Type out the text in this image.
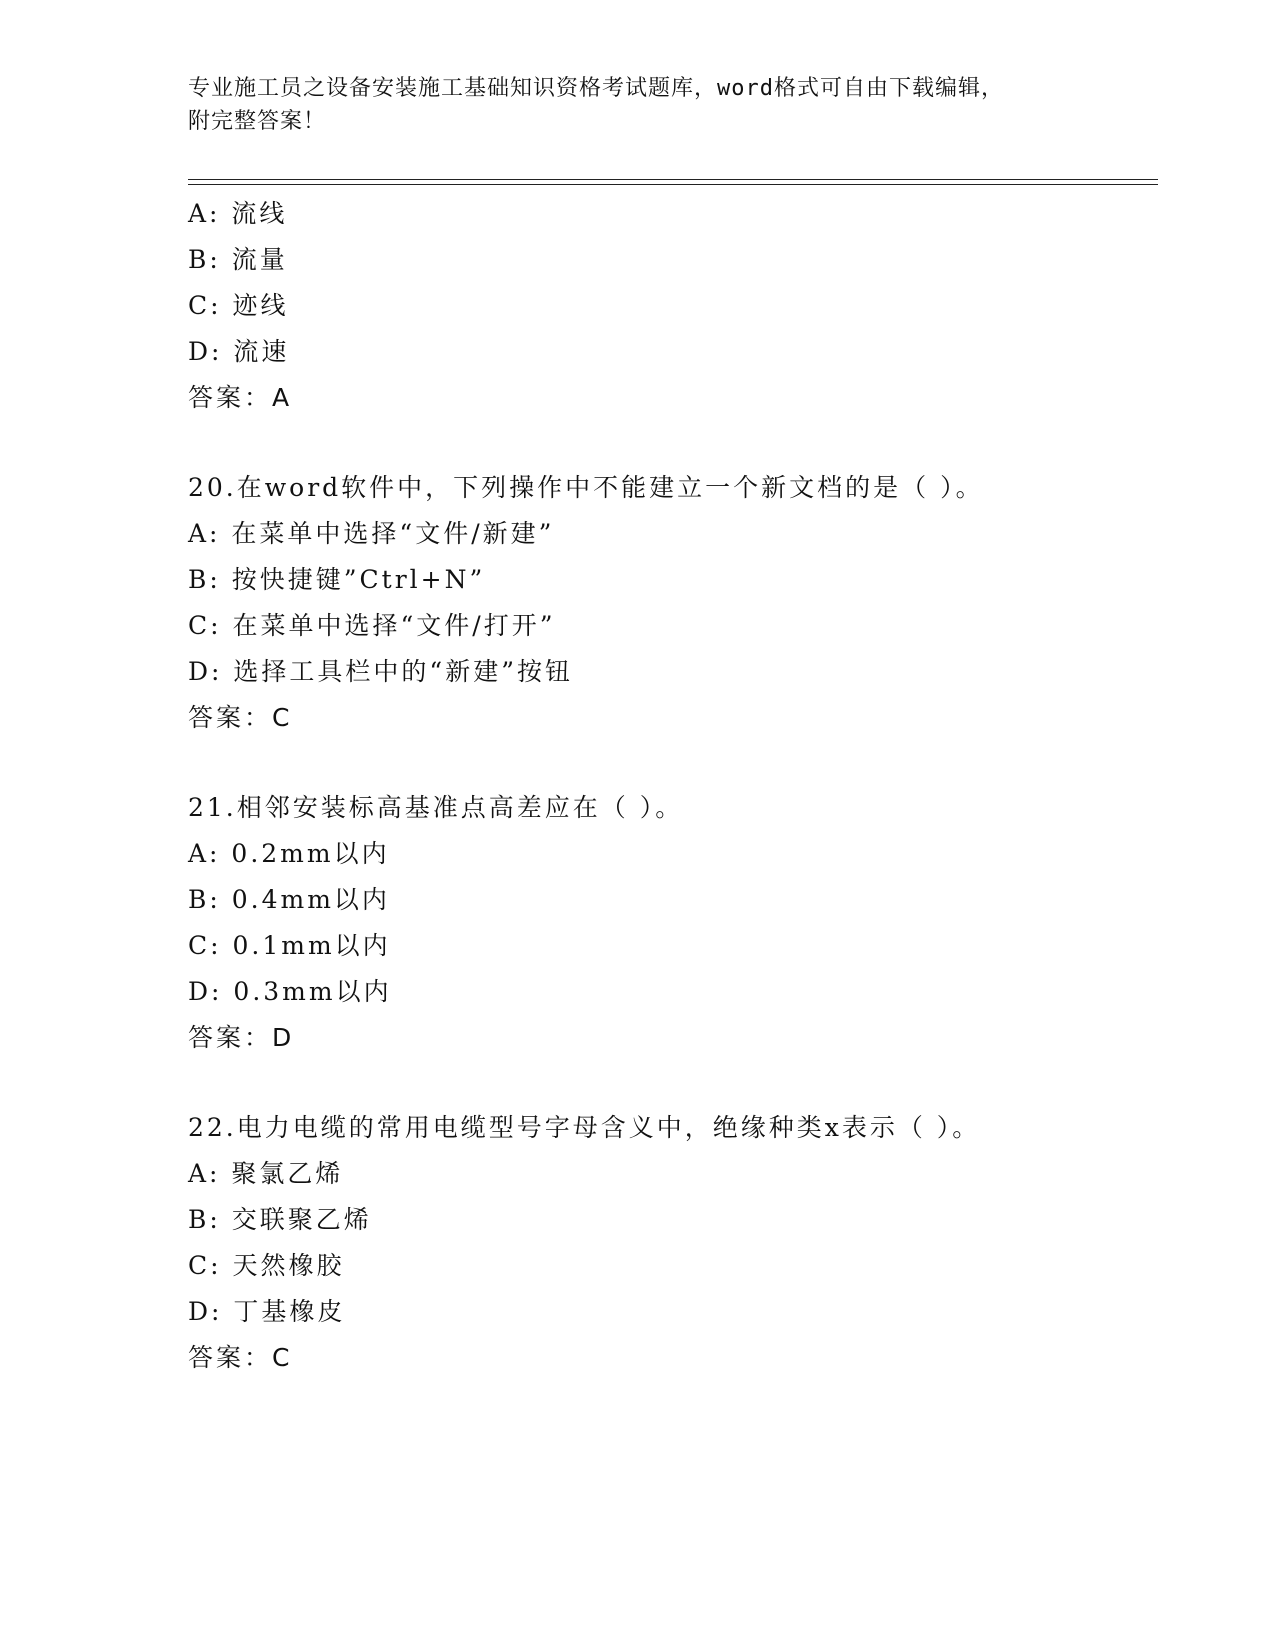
专业施工员之设备安装施工基础知识资格考试题库，word格式可自由下载编辑，
附完整答案！
A: 流线
B: 流量
C: 迹线
D: 流速
答案：A
20.在word软件中，下列操作中不能建立一个新文档的是（ ）。
A: 在菜单中选择“文件/新建”
B: 按快捷键”Ctrl+N”
C: 在菜单中选择“文件/打开”
D: 选择工具栏中的“新建”按钮
答案：C
21.相邻安装标高基准点高差应在（ ）。
A: 0.2mm以内
B: 0.4mm以内
C: 0.1mm以内
D: 0.3mm以内
答案：D
22.电力电缆的常用电缆型号字母含义中，绝缘种类x表示（ ）。
A: 聚氯乙烯
B: 交联聚乙烯
C: 天然橡胶
D: 丁基橡皮
答案：C
